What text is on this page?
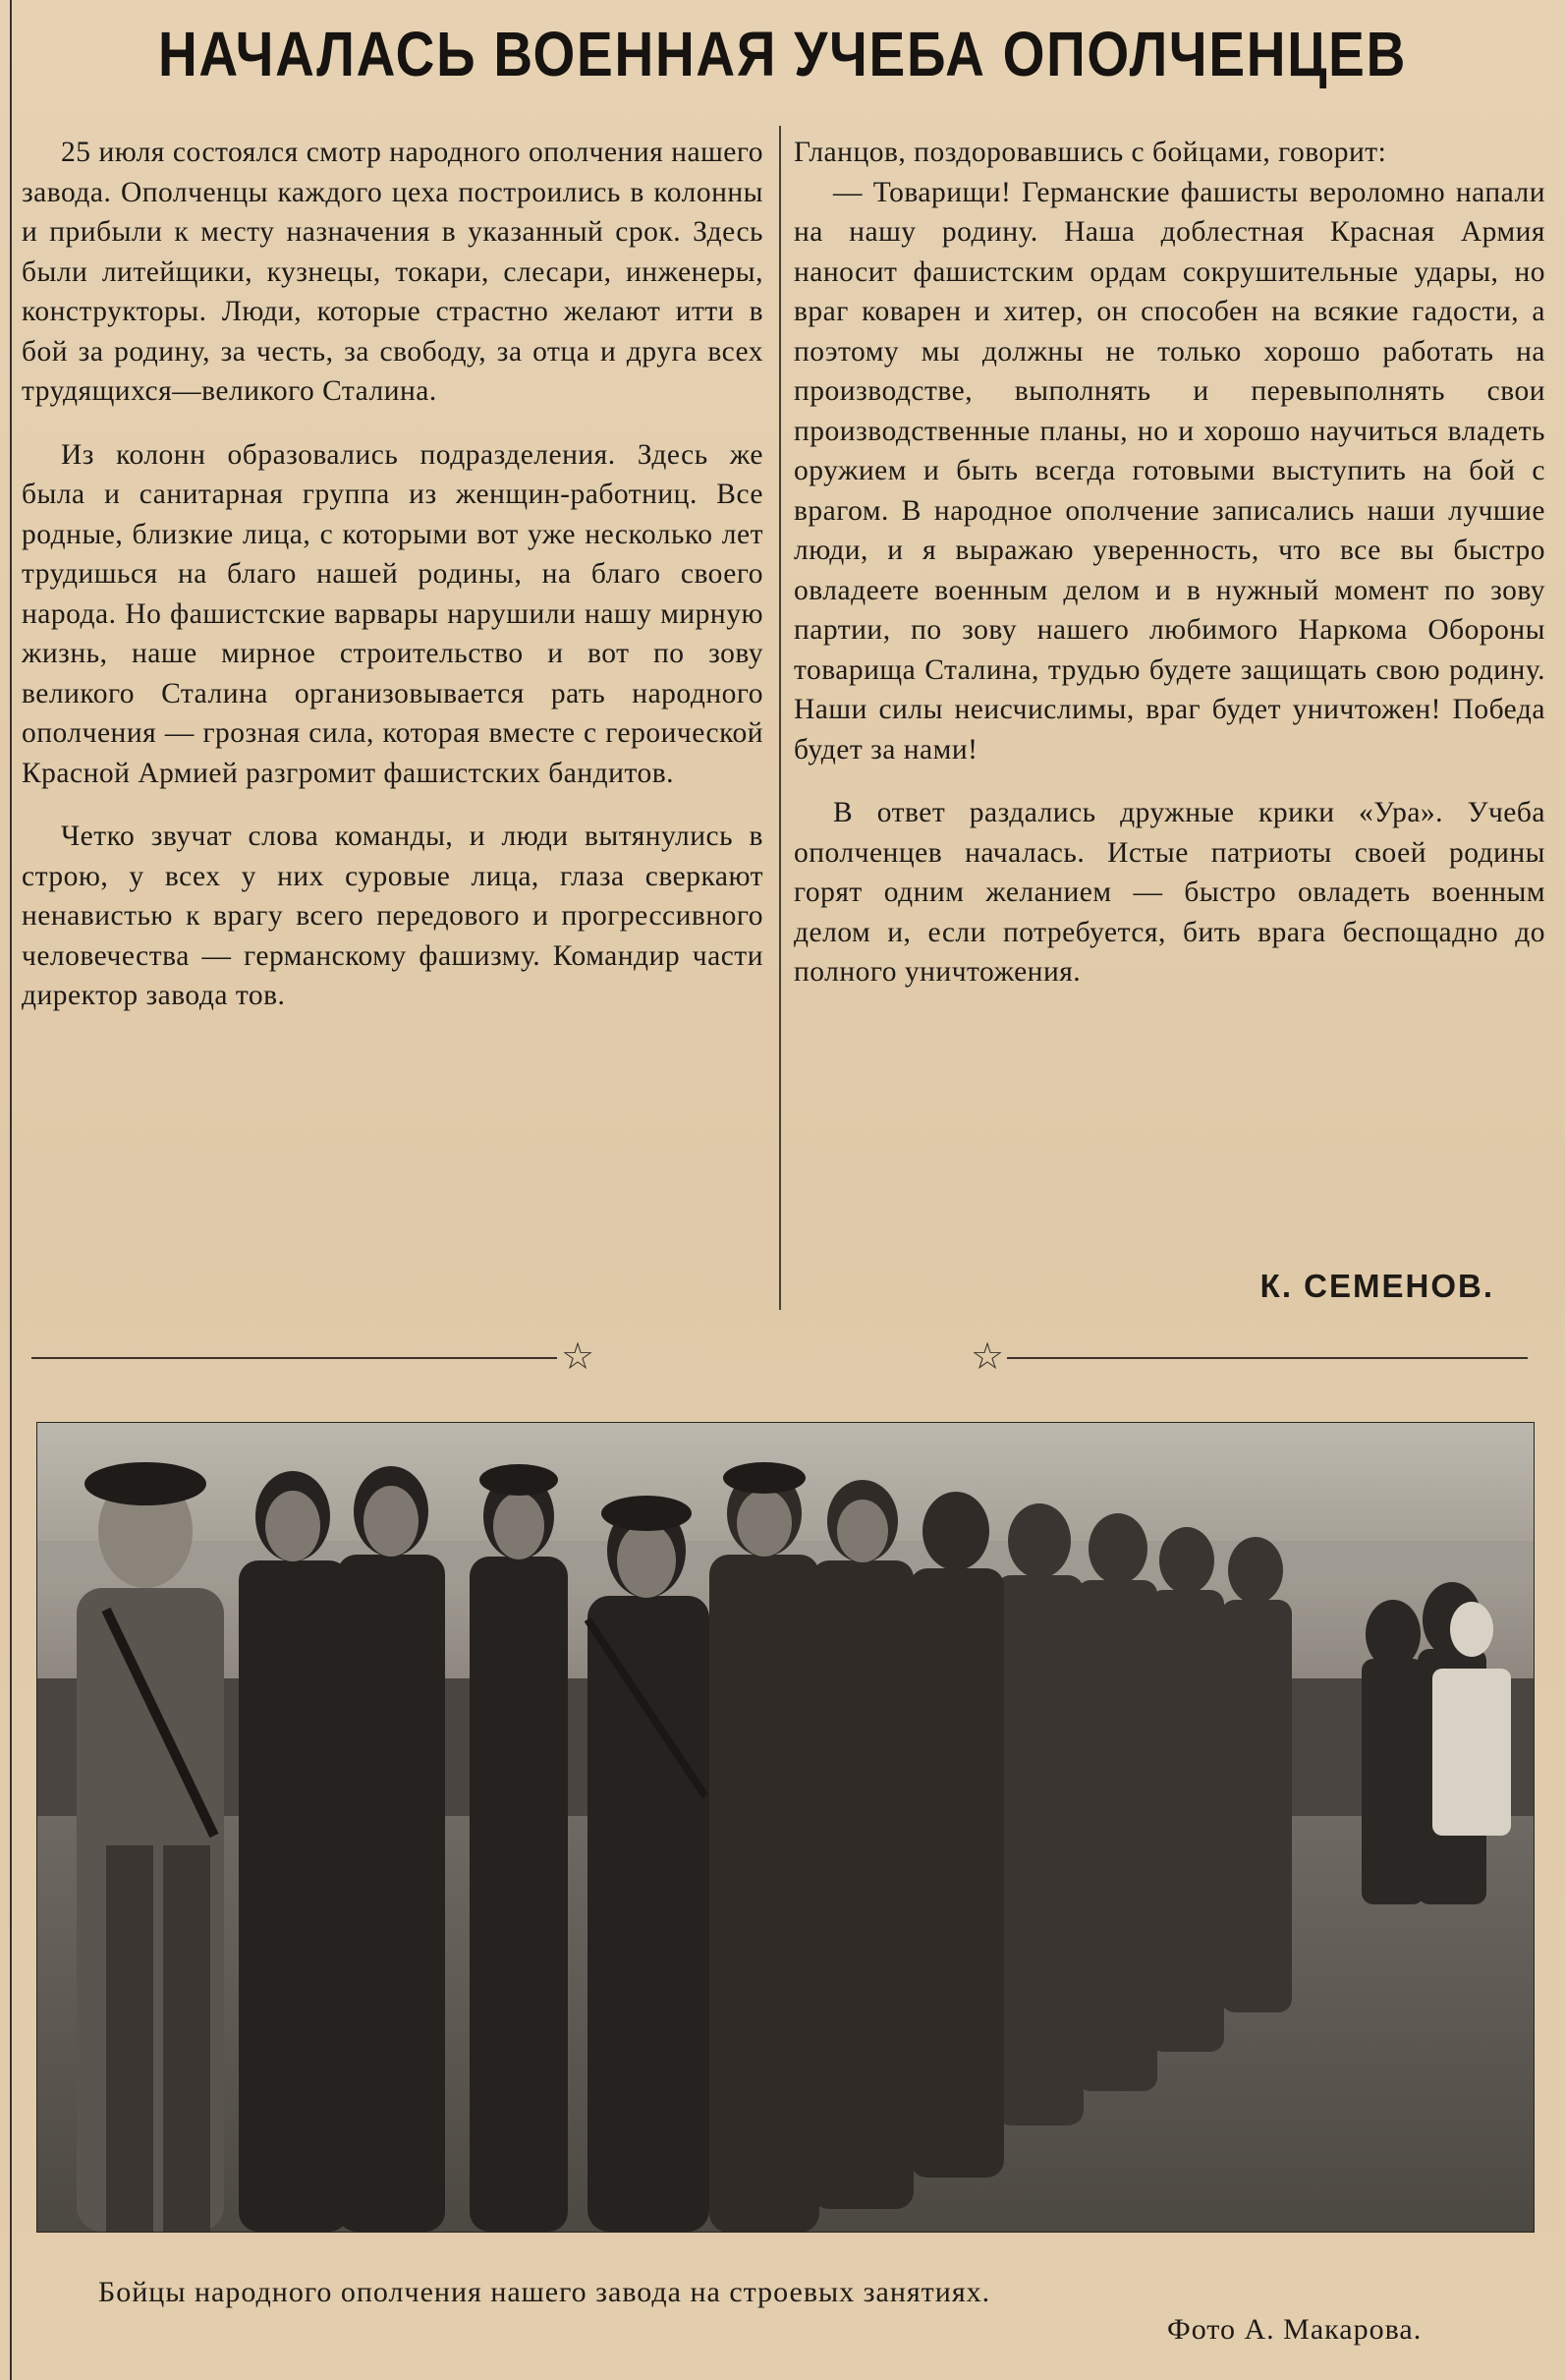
НАЧАЛАСЬ ВОЕННАЯ УЧЕБА ОПОЛЧЕНЦЕВ

25 июля состоялся смотр народного ополчения нашего завода. Ополченцы каждого цеха построились в колонны и прибыли к месту назначения в указанный срок. Здесь были литейщики, кузнецы, токари, слесари, инженеры, конструкторы. Люди, которые страстно желают итти в бой за родину, за честь, за свободу, за отца и друга всех трудящихся—великого Сталина.

Из колонн образовались подразделения. Здесь же была и санитарная группа из женщин-работниц. Все родные, близкие лица, с которыми вот уже несколько лет трудишься на благо нашей родины, на благо своего народа. Но фашистские варвары нарушили нашу мирную жизнь, наше мирное строительство и вот по зову великого Сталина организовывается рать народного ополчения — грозная сила, которая вместе с героической Красной Армией разгромит фашистских бандитов.

Четко звучат слова команды, и люди вытянулись в строю, у всех у них суровые лица, глаза сверкают ненавистью к врагу всего передового и прогрессивного человечества — германскому фашизму. Командир части директор завода тов.

Гланцов, поздоровавшись с бойцами, говорит:

— Товарищи! Германские фашисты вероломно напали на нашу родину. Наша доблестная Красная Армия наносит фашистским ордам сокрушительные удары, но враг коварен и хитер, он способен на всякие гадости, а поэтому мы должны не только хорошо работать на производстве, выполнять и перевыполнять свои производственные планы, но и хорошо научиться владеть оружием и быть всегда готовыми выступить на бой с врагом. В народное ополчение записались наши лучшие люди, и я выражаю уверенность, что все вы быстро овладеете военным делом и в нужный момент по зову партии, по зову нашего любимого Наркома Обороны товарища Сталина, трудью будете защищать свою родину. Наши силы неисчислимы, враг будет уничтожен! Победа будет за нами!

В ответ раздались дружные крики «Ура». Учеба ополченцев началась. Истые патриоты своей родины горят одним желанием — быстро овладеть военным делом и, если потребуется, бить врага беспощадно до полного уничтожения.

К. СЕМЕНОВ.
☆	☆
Бойцы народного ополчения нашего завода на строевых занятиях.
Фото А. Макарова.
